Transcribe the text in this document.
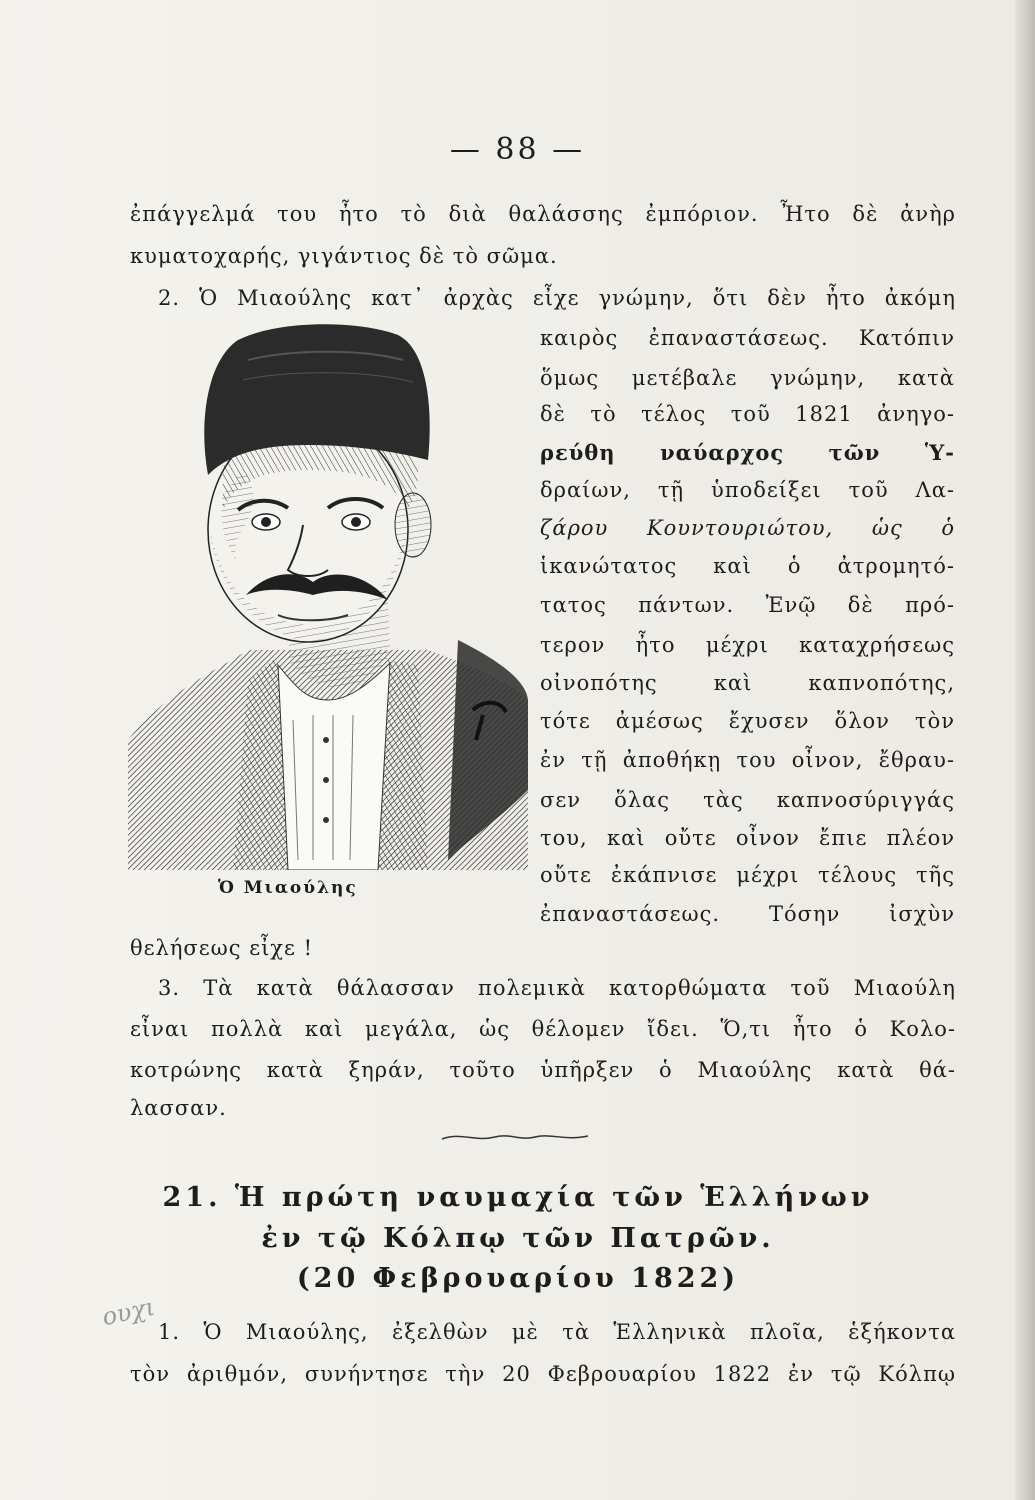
— 88 —
ἐπάγγελμά του ἦτο τὸ διὰ θαλάσσης ἐμπόριον. Ἦτο δὲ ἀνὴρ
κυματοχαρής, γιγάντιος δὲ τὸ σῶμα.
2. Ὁ Μιαούλης κατ᾽ ἀρχὰς εἶχε γνώμην, ὅτι δὲν ἦτο ἀκόμη
καιρὸς ἐπαναστάσεως. Κατόπιν
ὅμως μετέβαλε γνώμην, κατὰ
δὲ τὸ τέλος τοῦ 1821 ἀνηγο-
ρεύθη ναύαρχος τῶν Ὑ-
δραίων, τῇ ὑποδείξει τοῦ Λα-
ζάρου Κουντουριώτου, ὡς ὁ
ἱκανώτατος καὶ ὁ ἀτρομητό-
τατος πάντων. Ἐνῷ δὲ πρό-
τερον ἦτο μέχρι καταχρήσεως
οἰνοπότης καὶ καπνοπότης,
τότε ἀμέσως ἔχυσεν ὅλον τὸν
ἐν τῇ ἀποθήκῃ του οἶνον, ἔθραυ-
σεν ὅλας τὰς καπνοσύριγγάς
του, καὶ οὔτε οἶνον ἔπιε πλέον
οὔτε ἐκάπνισε μέχρι τέλους τῆς
ἐπαναστάσεως. Τόσην ἰσχὺν
Ὁ Μιαούλης
θελήσεως εἶχε !
3. Τὰ κατὰ θάλασσαν πολεμικὰ κατορθώματα τοῦ Μιαούλη
εἶναι πολλὰ καὶ μεγάλα, ὡς θέλομεν ἴδει. Ὅ,τι ἦτο ὁ Κολο-
κοτρώνης κατὰ ξηράν, τοῦτο ὑπῆρξεν ὁ Μιαούλης κατὰ θά-
λασσαν.
21. Ἡ πρώτη ναυμαχία τῶν Ἑλλήνων
ἐν τῷ Κόλπῳ τῶν Πατρῶν.
(20 Φεβρουαρίου 1822)
ουχι
1. Ὁ Μιαούλης, ἐξελθὼν μὲ τὰ Ἑλληνικὰ πλοῖα, ἑξήκοντα
τὸν ἀριθμόν, συνήντησε τὴν 20 Φεβρουαρίου 1822 ἐν τῷ Κόλπῳ
